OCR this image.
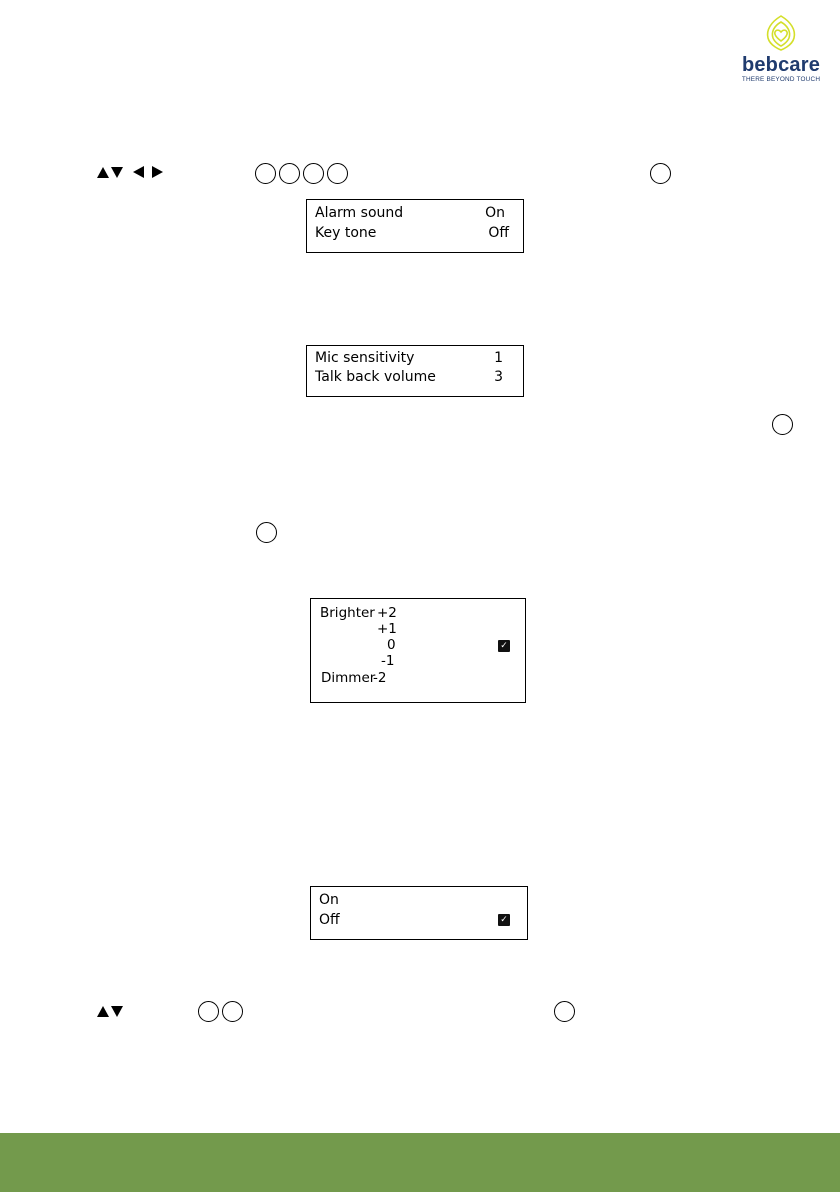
bebcare
THERE BEYOND TOUCH
Alarm sound	On
Key tone	Off
Mic sensitivity	1
Talk back volume	3
Brighter +2
+1
0	✓
-1
Dimmer
-2
On
Off	✓
